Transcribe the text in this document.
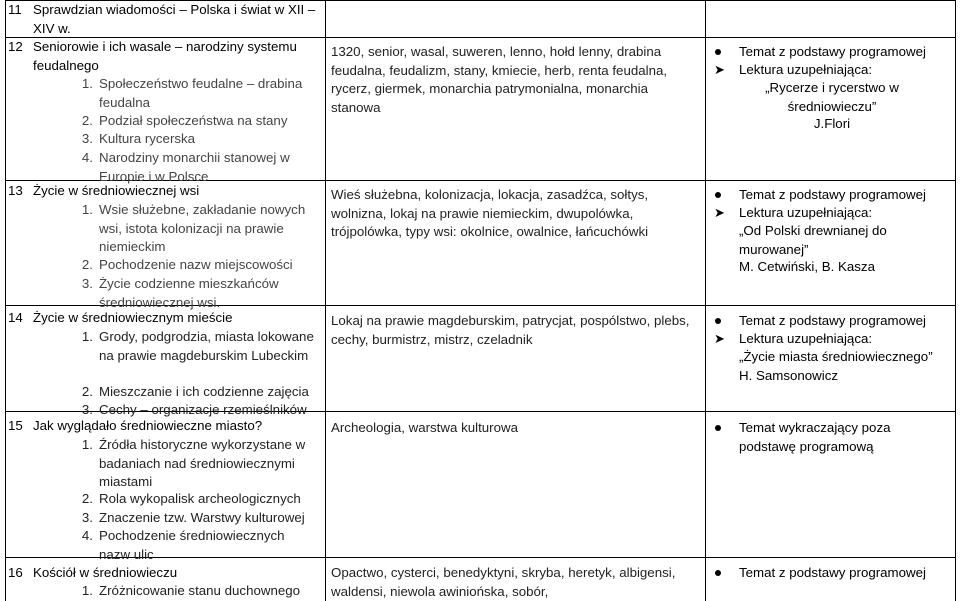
11 Sprawdzian wiadomości – Polska i świat w XII – XIV w.
12 Seniorowie i ich wasale – narodziny systemu feudalnego
1. Społeczeństwo feudalne – drabina feudalna
2. Podział społeczeństwa na stany
3. Kultura rycerska
4. Narodziny monarchii stanowej w Europie i w Polsce
1320, senior, wasal, suweren, lenno, hołd lenny, drabina feudalna, feudalizm, stany, kmiecie, herb, renta feudalna, rycerz, giermek, monarchia patrymonialna, monarchia stanowa
Temat z podstawy programowej
➤ Lektura uzupełniająca:
„Rycerze i rycerstwo w średniowieczu”
J.Flori
13 Życie w średniowiecznej wsi
1. Wsie służebne, zakładanie nowych wsi, istota kolonizacji na prawie niemieckim
2. Pochodzenie nazw miejscowości
3. Życie codzienne mieszkańców średniowiecznej wsi.
Wieś służebna, kolonizacja, lokacja, zasadźca, sołtys, wolnizna, lokaj na prawie niemieckim, dwupolówka, trójpolówka, typy wsi: okolnice, owalnice, łańcuchówki
Temat z podstawy programowej
➤ Lektura uzupełniająca:
„Od Polski drewnianej do murowanej”
M. Cetwiński, B. Kasza
14 Życie w średniowiecznym mieście
1. Grody, podgrodzia, miasta lokowane na prawie magdeburskim Lubeckim
2. Mieszczanie i ich codzienne zajęcia
3. Cechy – organizacje rzemieślników
Lokaj na prawie magdeburskim, patrycjat, pospólstwo, plebs, cechy, burmistrz, mistrz, czeladnik
Temat z podstawy programowej
➤ Lektura uzupełniająca:
„Życie miasta średniowiecznego”
H. Samsonowicz
15 Jak wyglądało średniowieczne miasto?
1. Źródła historyczne wykorzystane w badaniach nad średniowiecznymi miastami
2. Rola wykopalisk archeologicznych
3. Znaczenie tzw. Warstwy kulturowej
4. Pochodzenie średniowiecznych nazw ulic
Archeologia, warstwa kulturowa	Temat wykraczający poza podstawę programową
16 Kościół w średniowieczu
1. Zróżnicowanie stanu duchownego
Opactwo, cysterci, benedyktyni, skryba, heretyk, albigensi, waldensi, niewola awiniońska, sobór,
Temat z podstawy programowej
